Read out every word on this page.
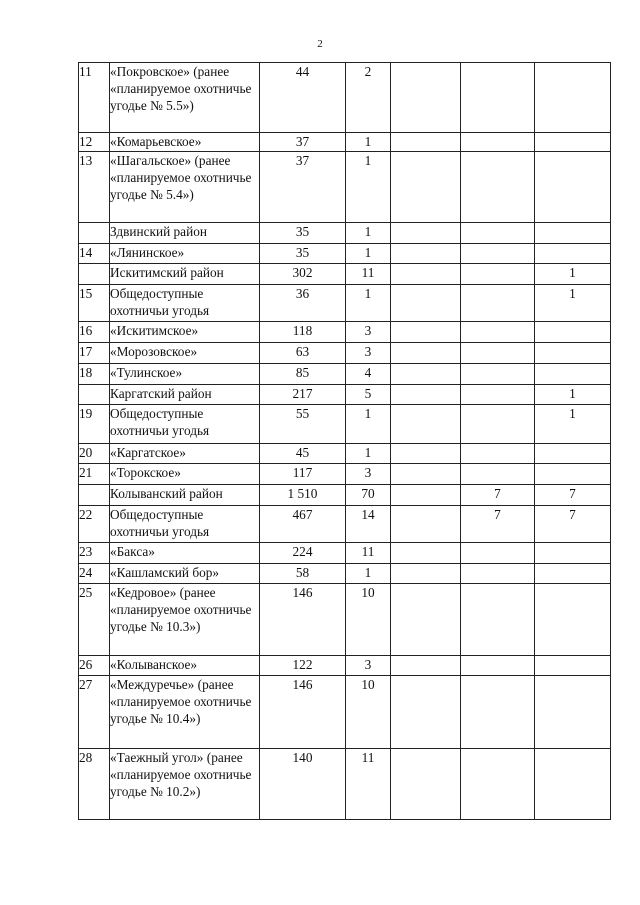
2
11	«Покровское» (ранее «планируемое охотничье угодье № 5.5»)	44	2			
12	«Комарьевское»	37	1			
13	«Шагальское» (ранее «планируемое охотничье угодье № 5.4»)	37	1			
	Здвинский район	35	1			
14	«Лянинское»	35	1			
	Искитимский район	302	11			1
15	Общедоступные охотничьи угодья	36	1			1
16	«Искитимское»	118	3			
17	«Морозовское»	63	3			
18	«Тулинское»	85	4			
	Каргатский район	217	5			1
19	Общедоступные охотничьи угодья	55	1			1
20	«Каргатское»	45	1			
21	«Торокское»	117	3			
	Колыванский район	1 510	70		7	7
22	Общедоступные охотничьи угодья	467	14		7	7
23	«Бакса»	224	11			
24	«Кашламский бор»	58	1			
25	«Кедровое» (ранее «планируемое охотничье угодье № 10.3»)	146	10			
26	«Колыванское»	122	3			
27	«Междуречье» (ранее «планируемое охотничье угодье № 10.4»)	146	10			
28	«Таежный угол» (ранее «планируемое охотничье угодье № 10.2»)	140	11			
